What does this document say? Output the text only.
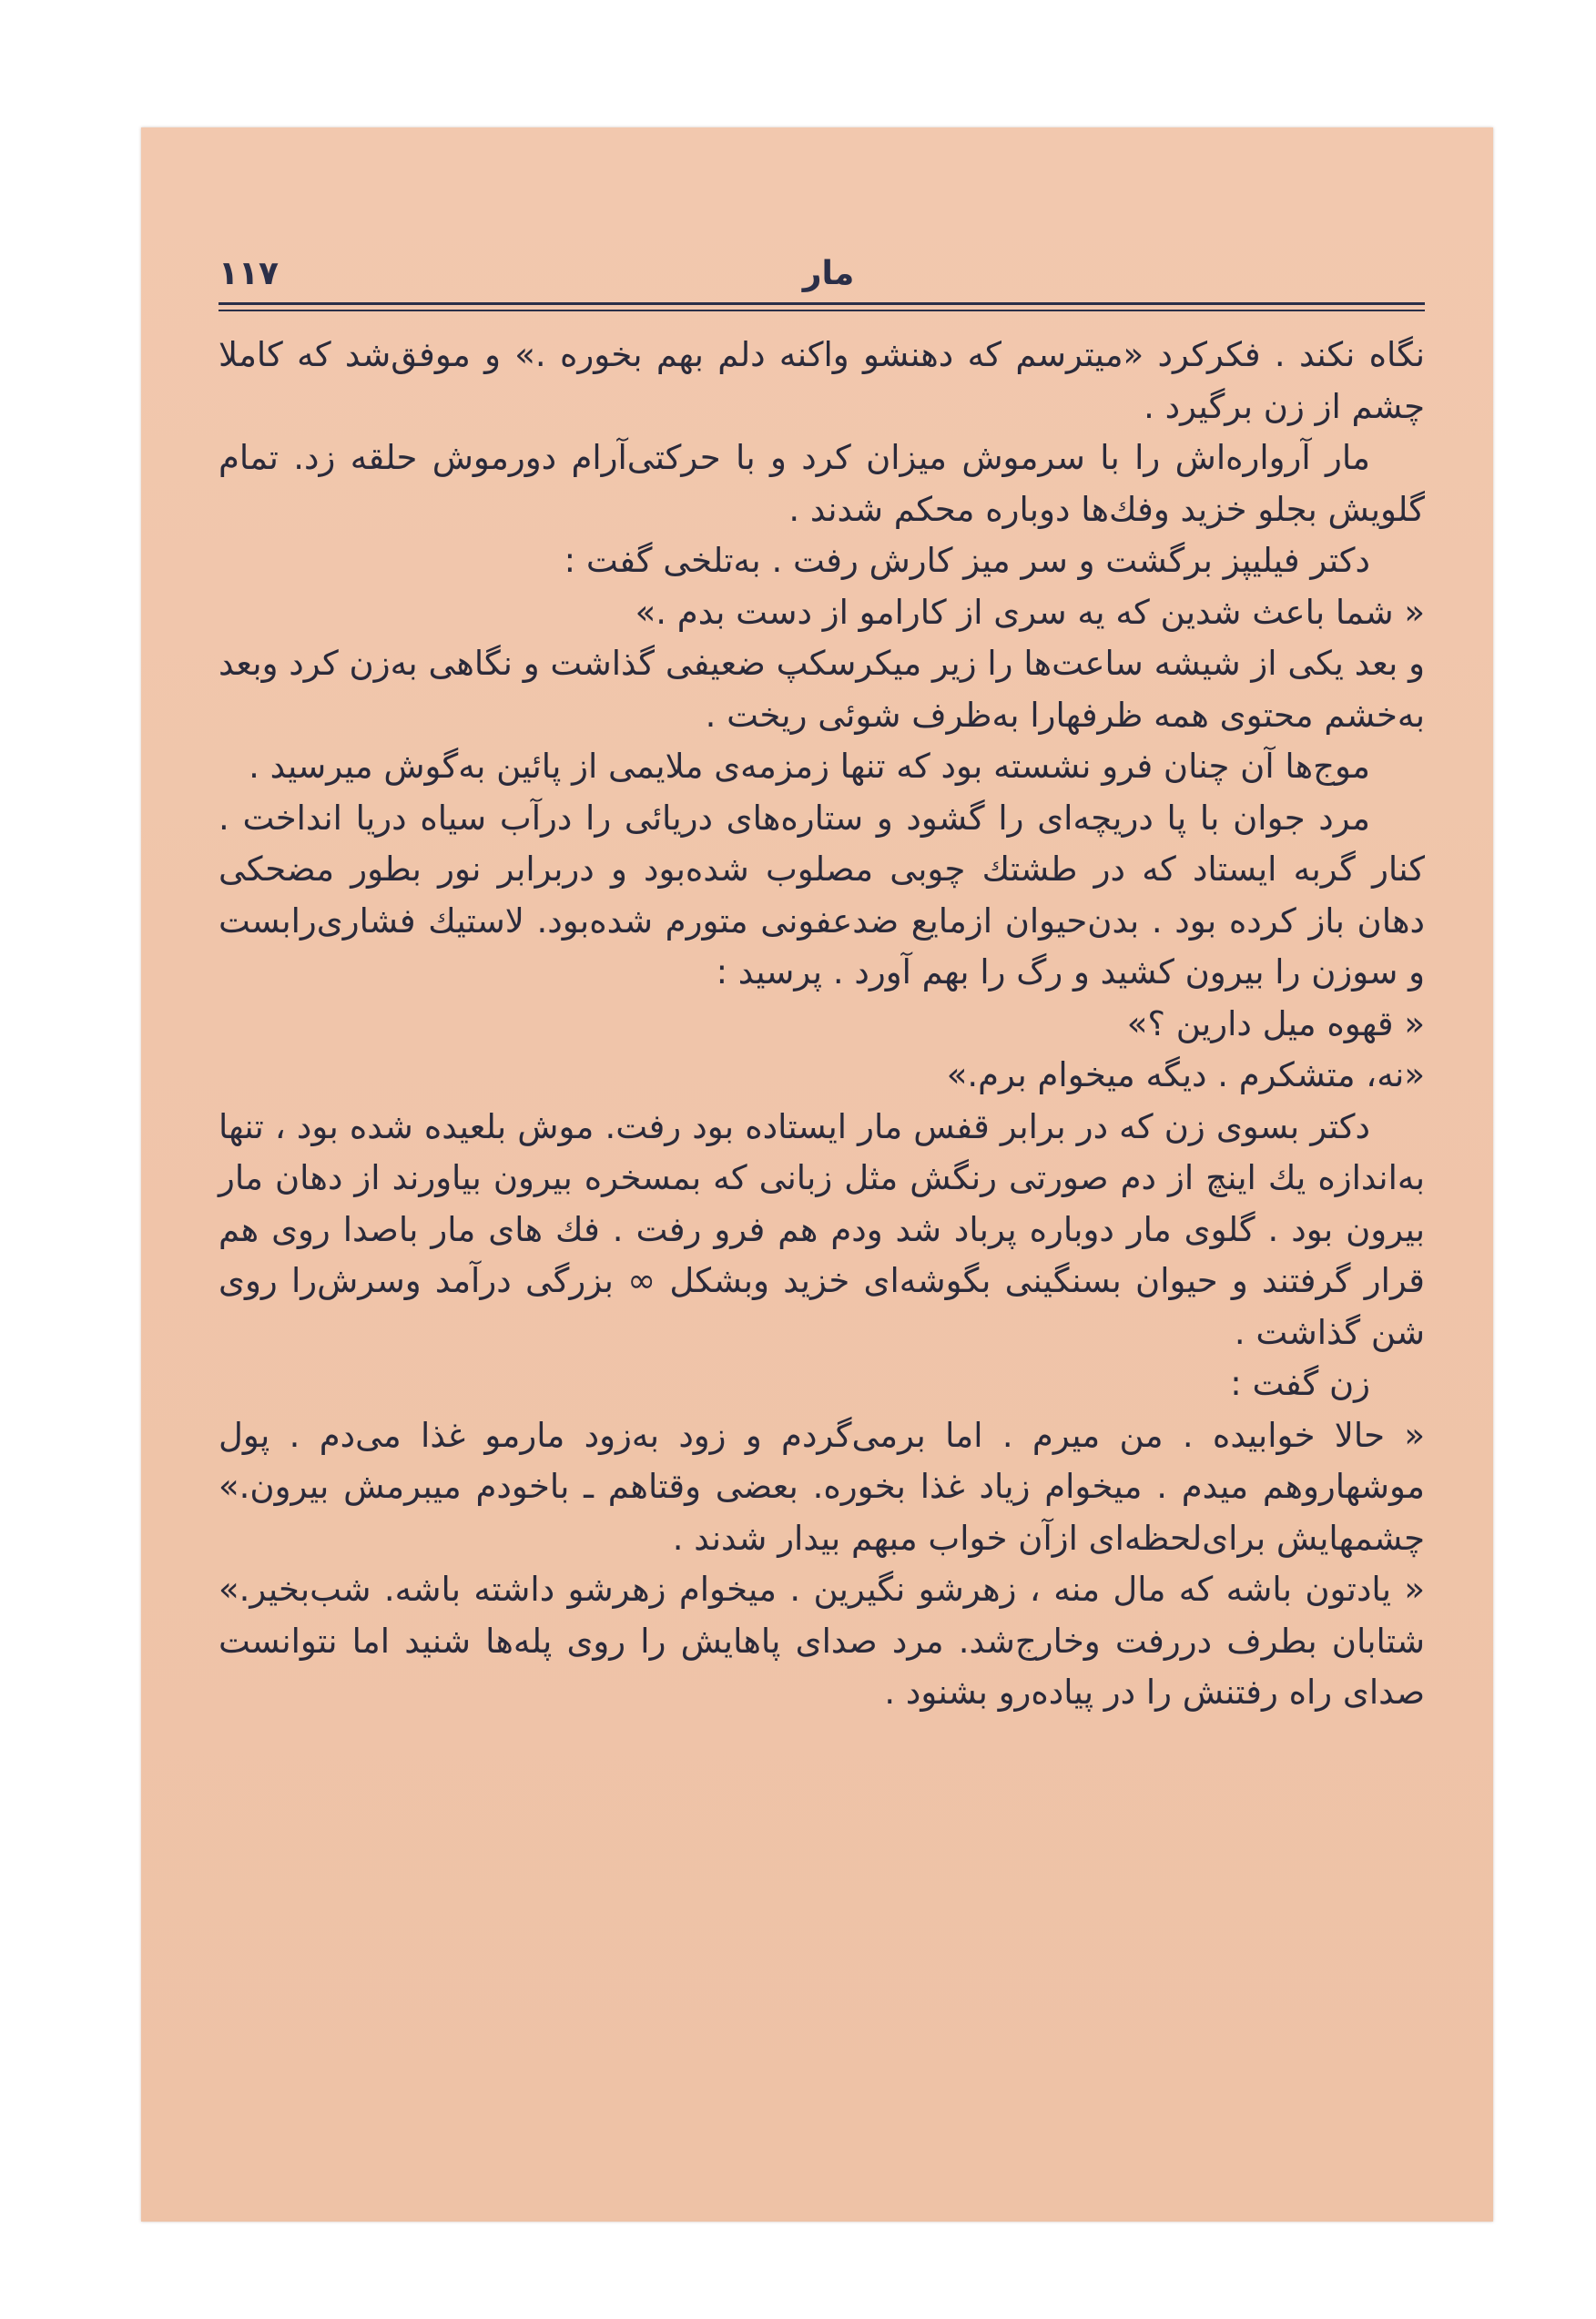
۱۱۷	مار

نگاه نکند . فکرکرد «میترسم که دهنشو واکنه دلم بهم بخوره .» و موفق‌شد که کاملا چشم از زن برگیرد .

مار آرواره‌اش را با سرموش میزان کرد و با حرکتی‌آرام دورموش حلقه زد. تمام گلویش بجلو خزید وفك‌ها دوباره محکم شدند .

دکتر فیلیپز برگشت و سر میز کارش رفت . به‌تلخی گفت :

« شما باعث شدین که یه سری از کارامو از دست بدم .»

و بعد یکی از شیشه ساعت‌ها را زیر میکرسکپ ضعیفی گذاشت و نگاهی به‌زن کرد وبعد به‌خشم محتوی همه ظرفهارا به‌ظرف شوئی ریخت .

موج‌ها آن چنان فرو نشسته بود که تنها زمزمه‌ی ملایمی از پائین به‌گوش میرسید .

مرد جوان با پا دریچه‌ای را گشود و ستاره‌های دریائی را درآب سیاه دریا انداخت . کنار گربه ایستاد که در طشتك چوبی مصلوب شده‌بود و دربرابر نور بطور مضحکی دهان باز کرده بود . بدن‌حیوان ازمایع ضدعفونی متورم شده‌بود. لاستیك فشاری‌رابست و سوزن را بیرون کشید و رگ را بهم آورد . پرسید :

« قهوه میل دارین ؟»

«نه، متشکرم . دیگه میخوام برم.»

دکتر بسوی زن که در برابر قفس مار ایستاده بود رفت. موش بلعیده شده بود ، تنها به‌اندازه یك اینچ از دم صورتی رنگش مثل زبانی که بمسخره بیرون بیاورند از دهان مار بیرون بود . گلوی مار دوباره پرباد شد ودم هم فرو رفت . فك های مار باصدا روی هم قرار گرفتند و حیوان بسنگینی بگوشه‌ای خزید وبشکل ∞ بزرگی درآمد وسرش‌را روی شن گذاشت .

زن گفت :

« حالا خوابیده . من میرم . اما برمی‌گردم و زود به‌زود مارمو غذا می‌دم . پول موشهاروهم میدم . میخوام زیاد غذا بخوره. بعضی وقتاهم ـ باخودم میبرمش بیرون.» چشمهایش برای‌لحظه‌ای از‌آن خواب مبهم بیدار شدند .

« یادتون باشه که مال منه ، زهرشو نگیرین . میخوام زهرشو داشته باشه. شب‌بخیر.» شتابان بطرف دررفت وخارج‌شد. مرد صدای پاهایش را روی پله‌ها شنید اما نتوانست صدای راه رفتنش را در پیاده‌رو بشنود .
